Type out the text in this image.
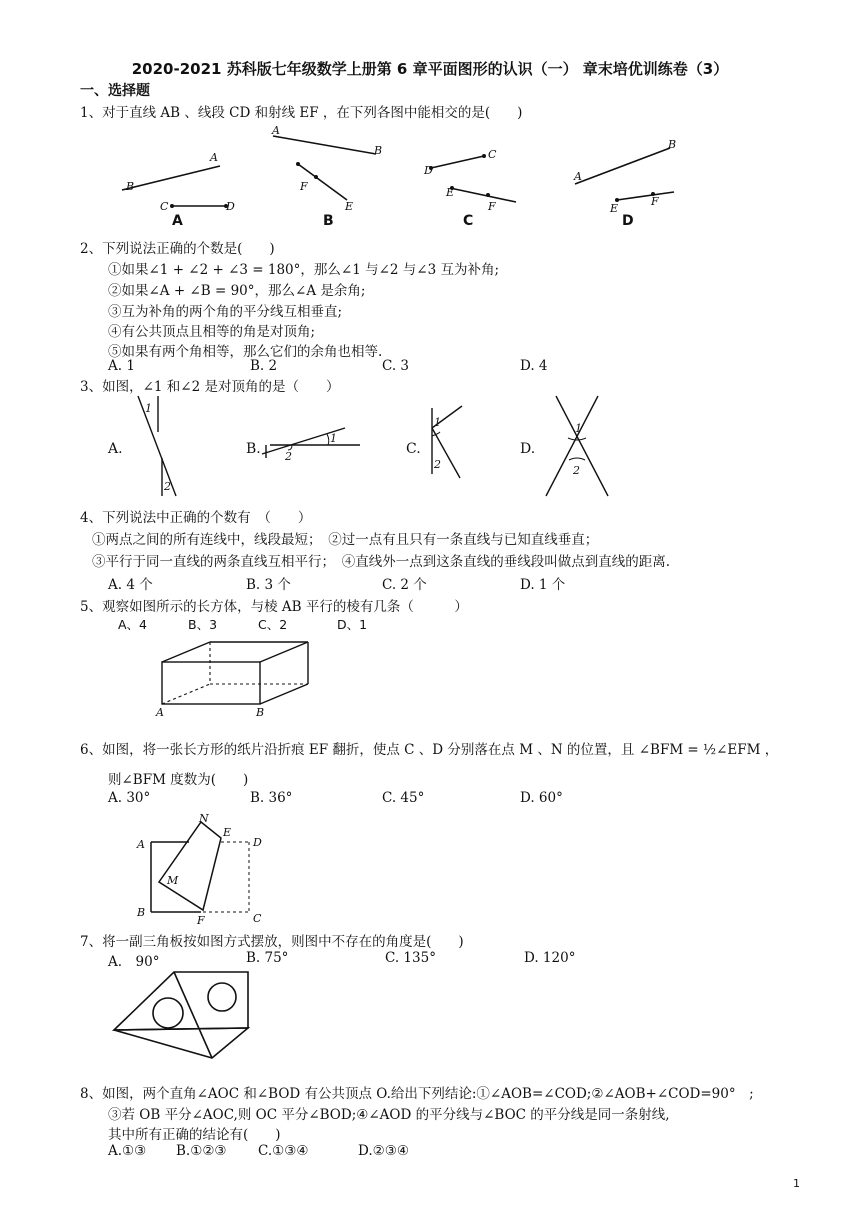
2020-2021 苏科版七年级数学上册第 6 章平面图形的认识（一） 章末培优训练卷（3）
一、选择题
1、对于直线 AB 、线段 CD 和射线 EF ，在下列各图中能相交的是(　　)
B
A
C	D
A
B
F
E
D
C
E
F
A
B
E
F
A	B	C	D
2、下列说法正确的个数是(　　)
①如果∠1 + ∠2 + ∠3 = 180°，那么∠1 与∠2 与∠3 互为补角;
②如果∠A + ∠B = 90°，那么∠A 是余角;
③互为补角的两个角的平分线互相垂直;
④有公共顶点且相等的角是对顶角;
⑤如果有两个角相等，那么它们的余角也相等.
A. 1	B. 2	C. 3	D. 4
3、如图，∠1 和∠2 是对顶角的是（　　）
1
2
1
2
1
2
1
2
A.	B.	C.	D.
4、下列说法中正确的个数有　（　　）
①两点之间的所有连线中，线段最短；　②过一点有且只有一条直线与已知直线垂直；
③平行于同一直线的两条直线互相平行；　④直线外一点到这条直线的垂线段叫做点到直线的距离.
A. 4 个	B. 3 个	C. 2 个	D. 1 个
5、观察如图所示的长方体，与棱 AB 平行的棱有几条（　　　）
A、4	B、3	C、2	D、1
A	B
6、如图，将一张长方形的纸片沿折痕 EF 翻折，使点 C 、D 分别落在点 M 、N 的位置，且 ∠BFM = ½∠EFM ，
则∠BFM 度数为(　　)
A. 30°	B. 36°	C. 45°	D. 60°
A
B
N
E
D
C
F
M
7、将一副三角板按如图方式摆放，则图中不存在的角度是(　　)
A.　90°	B. 75°	C. 135°	D. 120°
8、如图，两个直角∠AOC 和∠BOD 有公共顶点 O.给出下列结论:①∠AOB=∠COD;②∠AOB+∠COD=90°　;
③若 OB 平分∠AOC,则 OC 平分∠BOD;④∠AOD 的平分线与∠BOC 的平分线是同一条射线,
其中所有正确的结论有(　　)
A.①③ B.①②③ C.①③④	D.②③④
1
